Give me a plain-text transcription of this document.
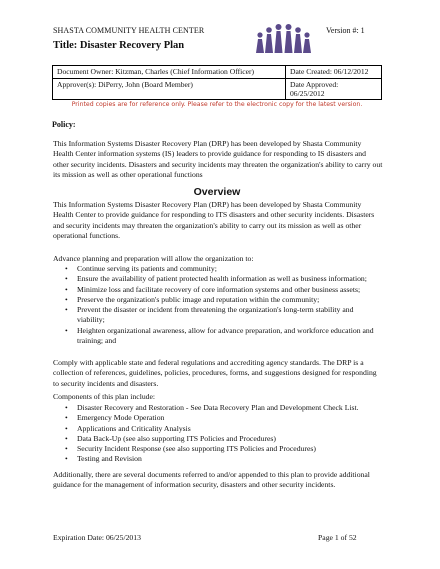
SHASTA COMMUNITY HEALTH CENTER	Version #: 1
Title: Disaster Recovery Plan
Document Owner: Kitzman, Charles (Chief Information Officer)	Date Created: 06/12/2012
Approver(s): DiPerry, John (Board Member)	Date Approved:
06/25/2012
Printed copies are for reference only. Please refer to the electronic copy for the latest version.
Policy:
This Information Systems Disaster Recovery Plan (DRP) has been developed by Shasta Community Health Center information systems (IS) leaders to provide guidance for responding to IS disasters and other security incidents. Disasters and security incidents may threaten the organization's ability to carry out its mission as well as other operational functions
Overview
This Information Systems Disaster Recovery Plan (DRP) has been developed by Shasta Community Health Center to provide guidance for responding to ITS disasters and other security incidents. Disasters and security incidents may threaten the organization's ability to carry out its mission as well as other operational functions.
Advance planning and preparation will allow the organization to:
• Continue serving its patients and community;
• Ensure the availability of patient protected health information as well as business information;
• Minimize loss and facilitate recovery of core information systems and other business assets;
• Preserve the organization's public image and reputation within the community;
• Prevent the disaster or incident from threatening the organization's long-term stability and viability;
• Heighten organizational awareness, allow for advance preparation, and workforce education and training; and
Comply with applicable state and federal regulations and accrediting agency standards. The DRP is a collection of references, guidelines, policies, procedures, forms, and suggestions designed for responding to security incidents and disasters.
Components of this plan include:
• Disaster Recovery and Restoration - See Data Recovery Plan and Development Check List.
• Emergency Mode Operation
• Applications and Criticality Analysis
• Data Back-Up (see also supporting ITS Policies and Procedures)
• Security Incident Response (see also supporting ITS Policies and Procedures)
• Testing and Revision
Additionally, there are several documents referred to and/or appended to this plan to provide additional guidance for the management of information security, disasters and other security incidents.
Expiration Date: 06/25/2013	Page 1 of 52
